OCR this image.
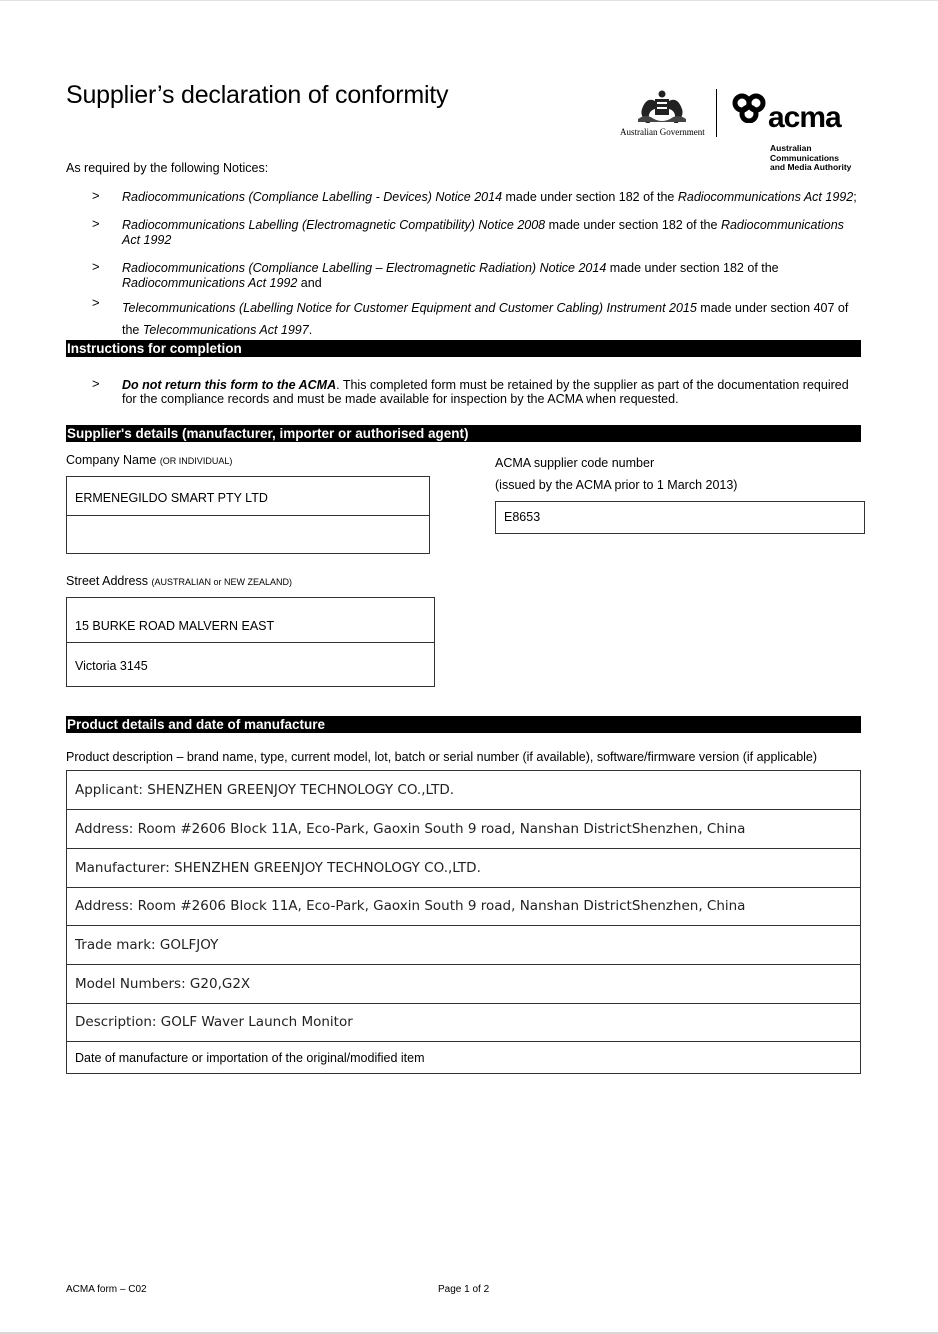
Supplier’s declaration of conformity
Australian Government acma
Australian
Communications
and Media Authority
As required by the following Notices:
> Radiocommunications (Compliance Labelling - Devices) Notice 2014 made under section 182 of the Radiocommunications Act 1992;
> Radiocommunications Labelling (Electromagnetic Compatibility) Notice 2008 made under section 182 of the Radiocommunications Act 1992
> Radiocommunications (Compliance Labelling – Electromagnetic Radiation) Notice 2014 made under section 182 of the Radiocommunications Act 1992 and
> Telecommunications (Labelling Notice for Customer Equipment and Customer Cabling) Instrument 2015 made under section 407 of the Telecommunications Act 1997.
Instructions for completion
> Do not return this form to the ACMA. This completed form must be retained by the supplier as part of the documentation required for the compliance records and must be made available for inspection by the ACMA when requested.
Supplier's details (manufacturer, importer or authorised agent)
Company Name (OR INDIVIDUAL)
ERMENEGILDO SMART PTY LTD
ACMA supplier code number
(issued by the ACMA prior to 1 March 2013)
E8653
Street Address (AUSTRALIAN or NEW ZEALAND)
15 BURKE ROAD MALVERN EAST
Victoria 3145
Product details and date of manufacture
Product description – brand name, type, current model, lot, batch or serial number (if available), software/firmware version (if applicable)
Applicant: SHENZHEN GREENJOY TECHNOLOGY CO.,LTD.
Address: Room #2606 Block 11A, Eco-Park, Gaoxin South 9 road, Nanshan DistrictShenzhen, China
Manufacturer: SHENZHEN GREENJOY TECHNOLOGY CO.,LTD.
Address: Room #2606 Block 11A, Eco-Park, Gaoxin South 9 road, Nanshan DistrictShenzhen, China
Trade mark: GOLFJOY
Model Numbers: G20,G2X
Description: GOLF Waver Launch Monitor
Date of manufacture or importation of the original/modified item
ACMA form – C02	Page 1 of 2
